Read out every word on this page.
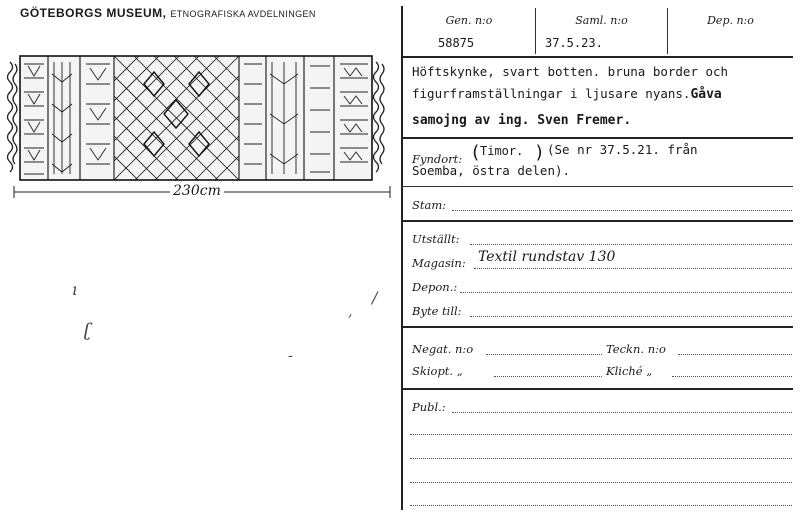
GÖTEBORGS MUSEUM, ETNOGRAFISKA AVDELNINGEN
230cm
ı
ʗ
,
/
-
Gen. n:o	Saml. n:o	Dep. n:o
58875	37.5.23.
Höftskynke, svart botten. bruna border och
figurframställningar i ljusare nyans.Gåva
samojng av ing. Sven Fremer.
Fyndort: ( Timor. ) (Se nr 37.5.21. från
Soemba, östra delen).
Stam:
Utställt:
Magasin: Textil rundstav 130
Depon.:
Byte till:
Negat. n:o	Teckn. n:o
Skiopt. „	Kliché „
Publ.:
